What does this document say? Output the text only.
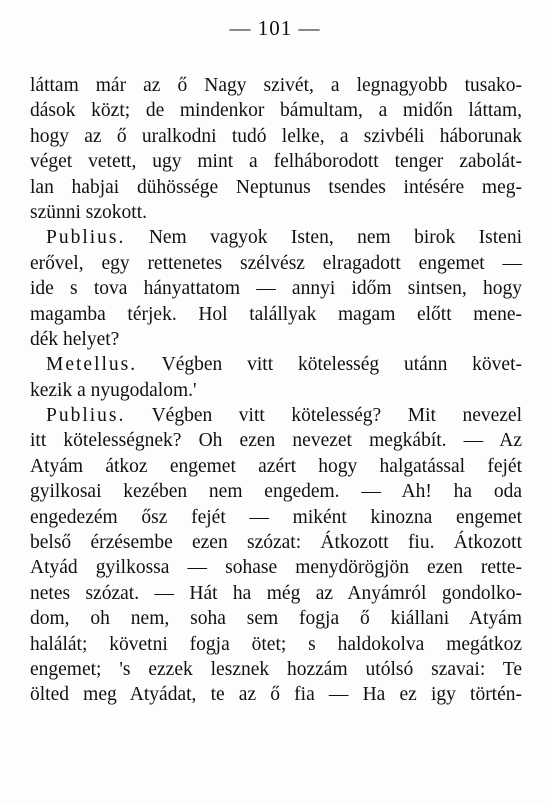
— 101 —
láttam már az ő Nagy szivét, a legnagyobb tusako-
dások közt; de mindenkor bámultam, a midőn láttam,
hogy az ő uralkodni tudó lelke, a szivbéli háborunak
véget vetett, ugy mint a felháborodott tenger zabolát-
lan habjai dühössége Neptunus tsendes intésére meg-
szünni szokott.
Publius. Nem vagyok Isten, nem birok Isteni
erővel, egy rettenetes szélvész elragadott engemet —
ide s tova hányattatom — annyi időm sintsen, hogy
magamba térjek. Hol talállyak magam előtt mene-
dék helyet?
Metellus. Végben vitt kötelesség utánn követ-
kezik a nyugodalom.'
Publius. Végben vitt kötelesség? Mit nevezel
itt kötelességnek? Oh ezen nevezet megkábít. — Az
Atyám átkoz engemet azért hogy halgatással fejét
gyilkosai kezében nem engedem. — Ah! ha oda
engedezém ősz fejét — miként kinozna engemet
belső érzésembe ezen szózat: Átkozott fiu. Átkozott
Atyád gyilkossa — sohase menydörögjön ezen rette-
netes szózat. — Hát ha még az Anyámról gondolko-
dom, oh nem, soha sem fogja ő kiállani Atyám
halálát; követni fogja ötet; s haldokolva megátkoz
engemet; 's ezzek lesznek hozzám utólsó szavai: Te
ölted meg Atyádat, te az ő fia — Ha ez igy történ-
